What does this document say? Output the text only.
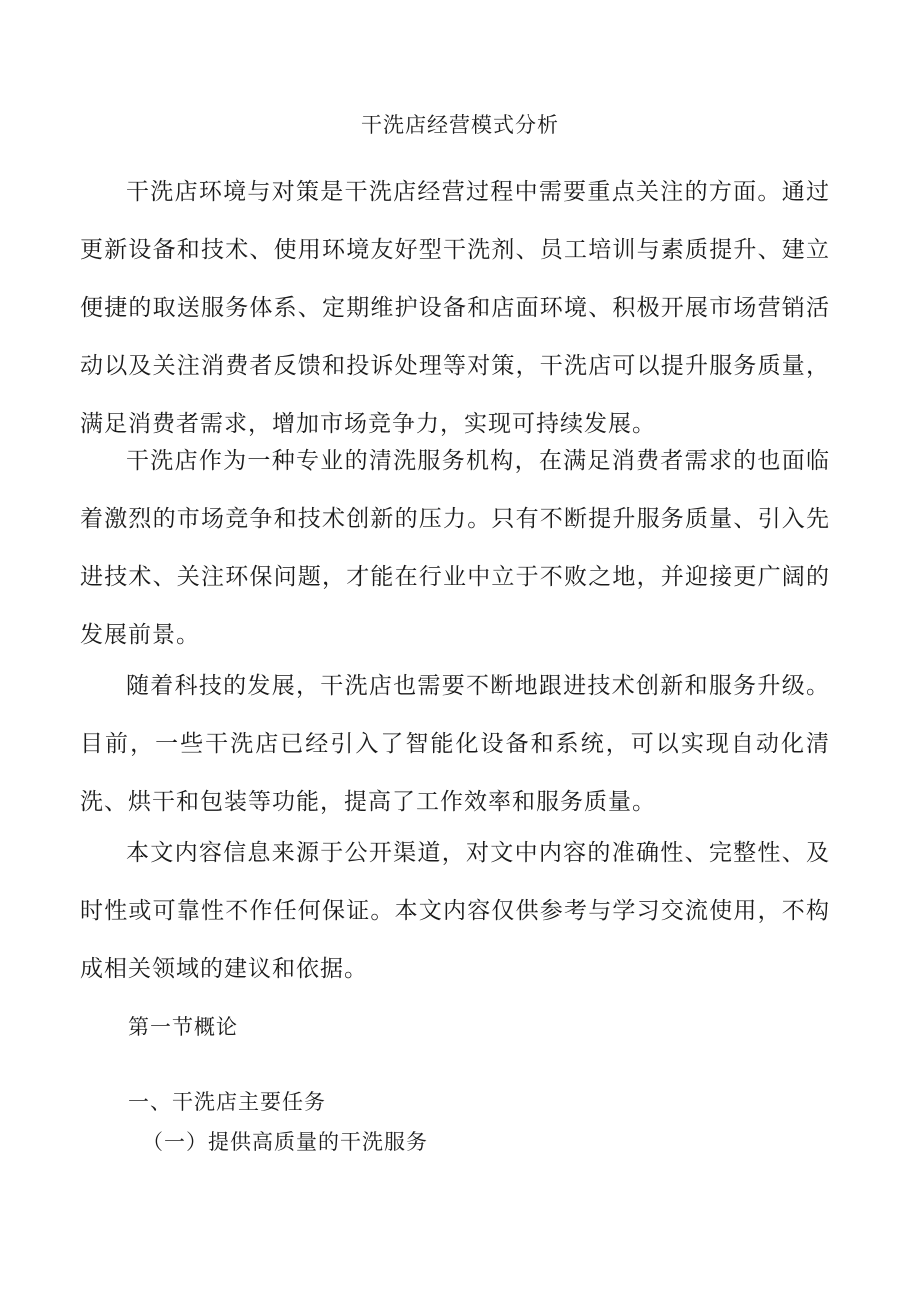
干洗店经营模式分析

干洗店环境与对策是干洗店经营过程中需要重点关注的方面。通过更新设备和技术、使用环境友好型干洗剂、员工培训与素质提升、建立便捷的取送服务体系、定期维护设备和店面环境、积极开展市场营销活动以及关注消费者反馈和投诉处理等对策，干洗店可以提升服务质量，满足消费者需求，增加市场竞争力，实现可持续发展。

干洗店作为一种专业的清洗服务机构，在满足消费者需求的也面临着激烈的市场竞争和技术创新的压力。只有不断提升服务质量、引入先进技术、关注环保问题，才能在行业中立于不败之地，并迎接更广阔的发展前景。

随着科技的发展，干洗店也需要不断地跟进技术创新和服务升级。目前，一些干洗店已经引入了智能化设备和系统，可以实现自动化清洗、烘干和包装等功能，提高了工作效率和服务质量。

本文内容信息来源于公开渠道，对文中内容的准确性、完整性、及时性或可靠性不作任何保证。本文内容仅供参考与学习交流使用，不构成相关领域的建议和依据。

第一节概论
一、干洗店主要任务
（一）提供高质量的干洗服务
